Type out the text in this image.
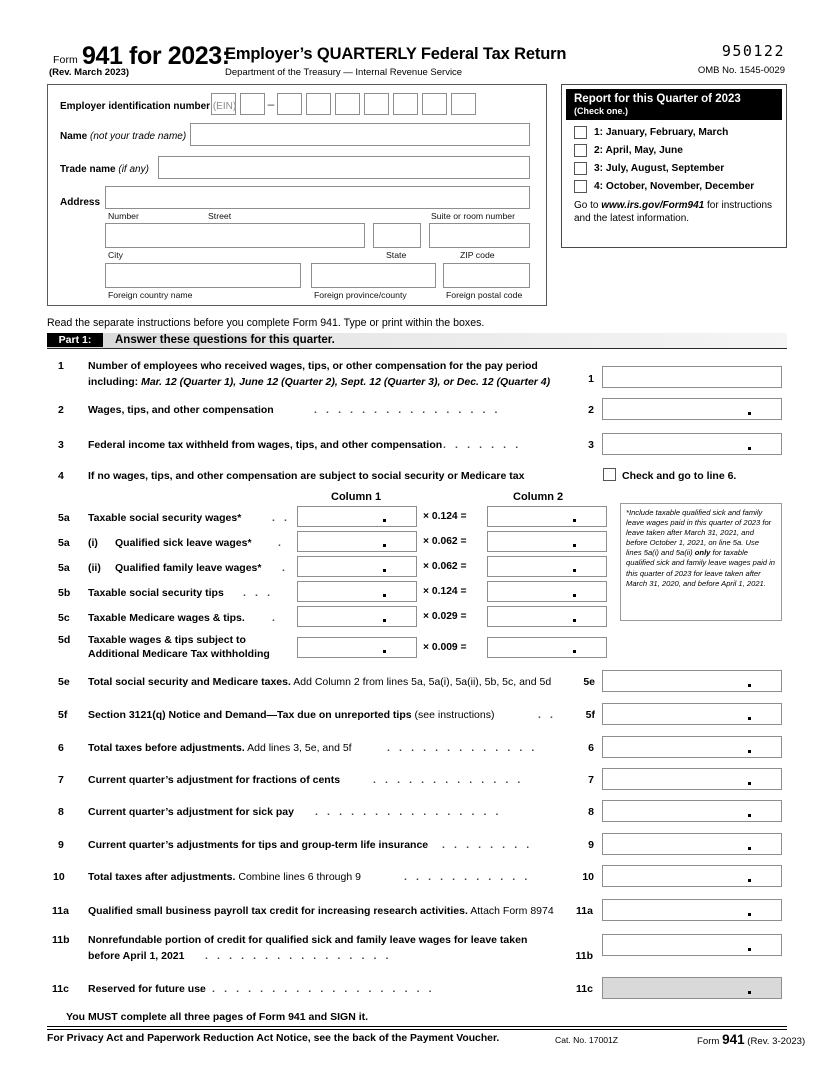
Form 941 for 2023:
(Rev. March 2023)
Employer’s QUARTERLY Federal Tax Return
Department of the Treasury — Internal Revenue Service
950122
OMB No. 1545-0029
Employer identification number (EIN)	–
Name (not your trade name)
Trade name (if any)
Address
Number	Street	Suite or room number
City	State	ZIP code
Foreign country name	Foreign province/county	Foreign postal code
Report for this Quarter of 2023
(Check one.)
1: January, February, March
2: April, May, June
3: July, August, September
4: October, November, December
Go to www.irs.gov/Form941 for instructions and the latest information.
Read the separate instructions before you complete Form 941. Type or print within the boxes.
Part 1:	Answer these questions for this quarter.
1 Number of employees who received wages, tips, or other compensation for the pay period
including: Mar. 12 (Quarter 1), June 12 (Quarter 2), Sept. 12 (Quarter 3), or Dec. 12 (Quarter 4)	1
2 Wages, tips, and other compensation	. . . . . . . . . . . . . . . .	2
3 Federal income tax withheld from wages, tips, and other compensation . . . . . . .	3
4 If no wages, tips, and other compensation are subject to social security or Medicare tax	Check and go to line 6.
Column 1	Column 2
5a Taxable social security wages*	. .	× 0.124 =
5a (i) Qualified sick leave wages*	.	× 0.062 =
5a (ii) Qualified family leave wages* .	× 0.062 =
5b Taxable social security tips . . .	× 0.124 =
5c Taxable Medicare wages & tips.	.	× 0.029 =
5d Taxable wages & tips subject to
Additional Medicare Tax withholding
× 0.009 =
*Include taxable qualified sick and family leave wages paid in this quarter of 2023 for leave taken after March 31, 2021, and before October 1, 2021, on line 5a. Use lines 5a(i) and 5a(ii) only for taxable qualified sick and family leave wages paid in this quarter of 2023 for leave taken after March 31, 2020, and before April 1, 2021.
5e Total social security and Medicare taxes. Add Column 2 from lines 5a, 5a(i), 5a(ii), 5b, 5c, and 5d	5e
5f Section 3121(q) Notice and Demand—Tax due on unreported tips (see instructions)	. .	5f
6 Total taxes before adjustments. Add lines 3, 5e, and 5f	. . . . . . . . . . . . .	6
7 Current quarter’s adjustment for fractions of cents	. . . . . . . . . . . . .	7
8 Current quarter’s adjustment for sick pay . . . . . . . . . . . . . . . .	8
9 Current quarter’s adjustments for tips and group-term life insurance . . . . . . . .	9
10 Total taxes after adjustments. Combine lines 6 through 9	. . . . . . . . . . .	10
11a Qualified small business payroll tax credit for increasing research activities. Attach Form 8974	11a
11b Nonrefundable portion of credit for qualified sick and family leave wages for leave taken
before April 1, 2021 . . . . . . . . . . . . . . . .	11b
11c Reserved for future use
. . . . . . . . . . . . . . . . . . . .	11c
You MUST complete all three pages of Form 941 and SIGN it.
For Privacy Act and Paperwork Reduction Act Notice, see the back of the Payment Voucher.	Cat. No. 17001Z	Form 941 (Rev. 3-2023)
